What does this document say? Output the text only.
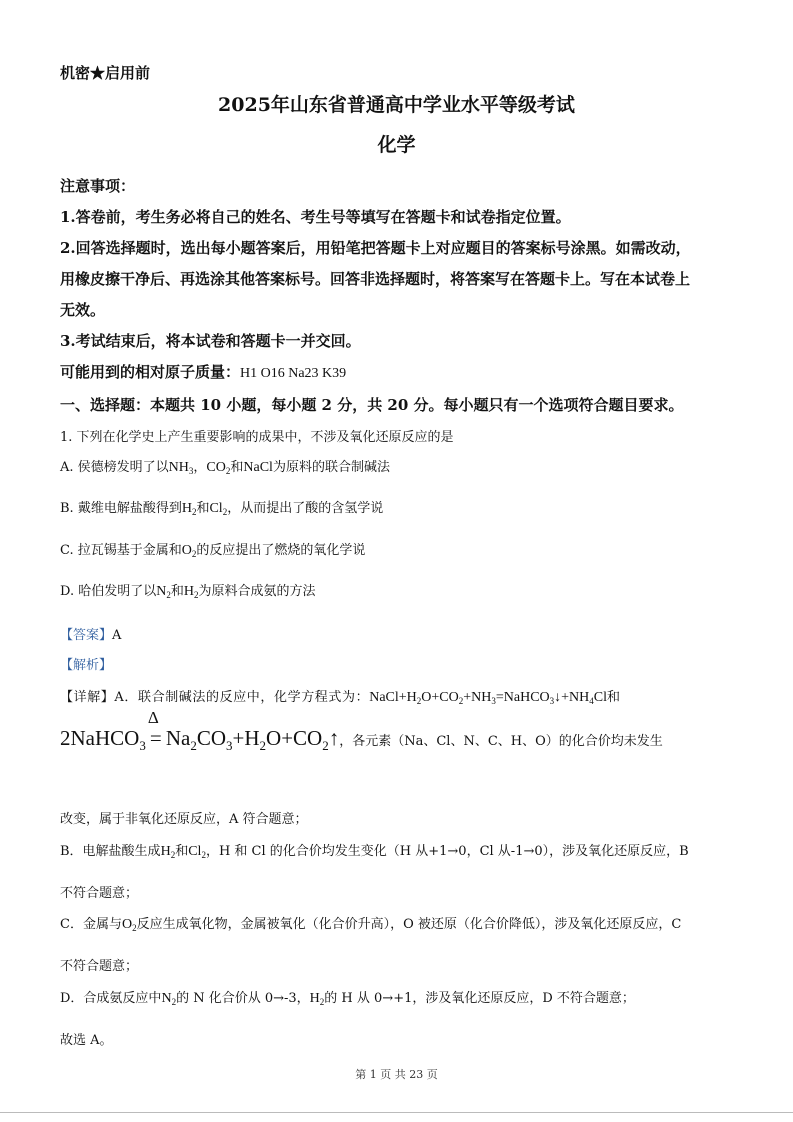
机密★启用前
2025年山东省普通高中学业水平等级考试
化学
注意事项：
1.答卷前，考生务必将自己的姓名、考生号等填写在答题卡和试卷指定位置。
2.回答选择题时，选出每小题答案后，用铅笔把答题卡上对应题目的答案标号涂黑。如需改动，
用橡皮擦干净后、再选涂其他答案标号。回答非选择题时，将答案写在答题卡上。写在本试卷上
无效。
3.考试结束后，将本试卷和答题卡一并交回。
可能用到的相对原子质量：H1 O16 Na23 K39
一、选择题：本题共 10 小题，每小题 2 分，共 20 分。每小题只有一个选项符合题目要求。
1. 下列在化学史上产生重要影响的成果中，不涉及氧化还原反应的是
A. 侯德榜发明了以$NH_3$，$CO_2$和NaCl为原料的联合制碱法
B. 戴维电解盐酸得到$H_2$和$Cl_2$，从而提出了酸的含氢学说
C. 拉瓦锡基于金属和$O_2$的反应提出了燃烧的氧化学说
D. 哈伯发明了以$N_2$和$H_2$为原料合成氨的方法
【答案】A
【解析】
【详解】A．联合制碱法的反应中，化学方程式为：$NaCl+H_2O+CO_2+NH_3=NaHCO_3↓+NH_4Cl$和
2NaHCO$_3$
Δ
= $Na_2CO_3+H_2O+CO_2↑$，各元素（Na、Cl、N、C、H、O）的化合价均未发生
改变，属于非氧化还原反应，A 符合题意；
B．电解盐酸生成$H_2$和$Cl_2$，H 和 Cl 的化合价均发生变化（H 从+1→0，Cl 从-1→0），涉及氧化还原反应，B
不符合题意；
C．金属与$O_2$反应生成氧化物，金属被氧化（化合价升高），O 被还原（化合价降低），涉及氧化还原反应，C
不符合题意；
D．合成氨反应中$N_2$的 N 化合价从 0→-3，$H_2$的 H 从 0→+1，涉及氧化还原反应，D 不符合题意；
故选 A。
第 1 页 共 23 页
